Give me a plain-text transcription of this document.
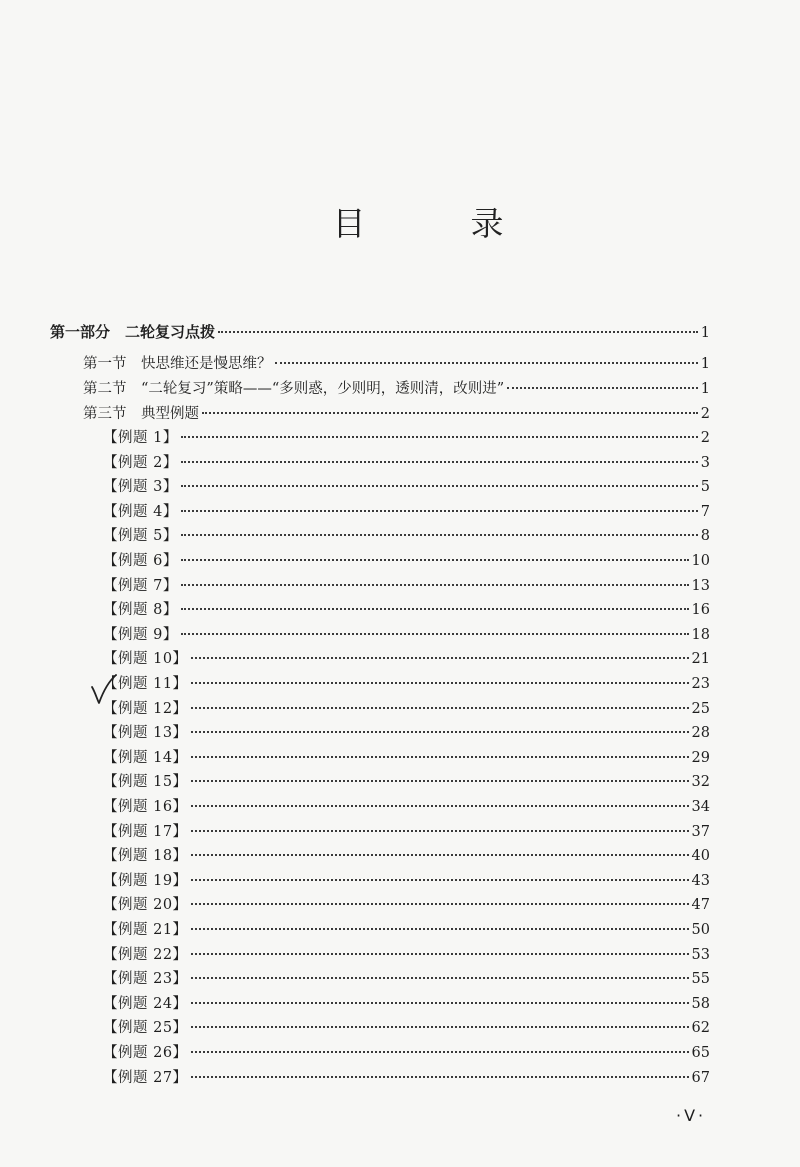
目　录
第一部分　二轮复习点拨	1
第一节　快思维还是慢思维？	1
第二节　“二轮复习”策略——“多则惑，少则明，透则清，改则进”	1
第三节　典型例题	2
【例题 1】	2
【例题 2】	3
【例题 3】	5
【例题 4】	7
【例题 5】	8
【例题 6】	10
【例题 7】	13
【例题 8】	16
【例题 9】	18
【例题 10】	21
【例题 11】	23
【例题 12】	25
【例题 13】	28
【例题 14】	29
【例题 15】	32
【例题 16】	34
【例题 17】	37
【例题 18】	40
【例题 19】	43
【例题 20】	47
【例题 21】	50
【例题 22】	53
【例题 23】	55
【例题 24】	58
【例题 25】	62
【例题 26】	65
【例题 27】	67
·V·
